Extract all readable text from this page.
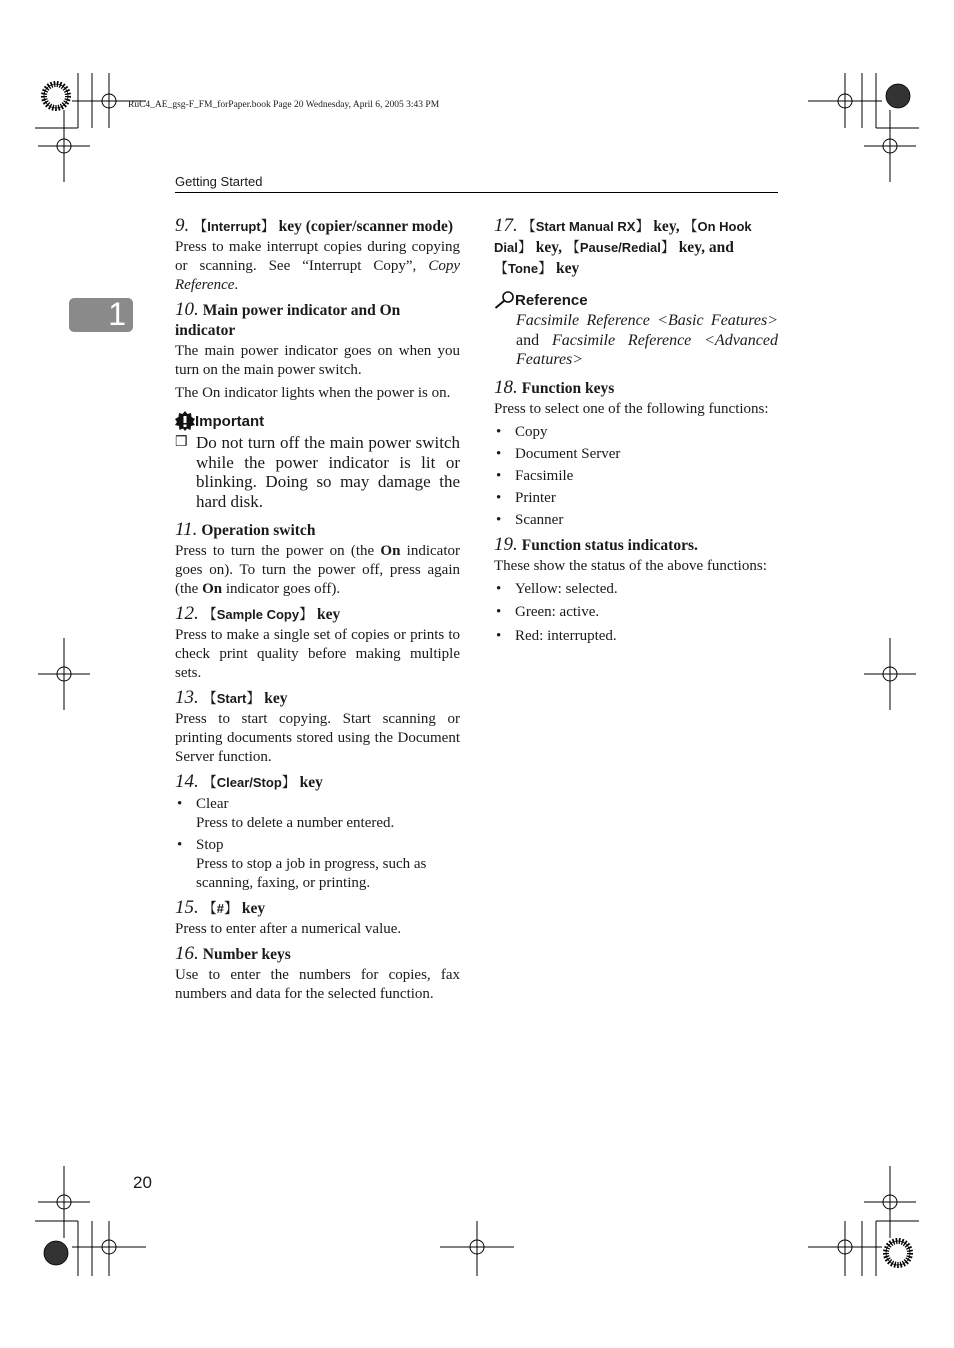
RuC4_AE_gsg-F_FM_forPaper.book Page 20 Wednesday, April 6, 2005 3:43 PM
Getting Started
1
9. 【Interrupt】 key (copier/scanner mode)

Press to make interrupt copies during copying or scanning. See “Interrupt Copy”, Copy Reference.

10. Main power indicator and On indicator

The main power indicator goes on when you turn on the main power switch.

The On indicator lights when the power is on.

Important
❒ Do not turn off the main power switch while the power indicator is lit or blinking. Doing so may damage the hard disk.
11. Operation switch

Press to turn the power on (the On indicator goes on). To turn the power off, press again (the On indicator goes off).

12. 【Sample Copy】 key

Press to make a single set of copies or prints to check print quality before making multiple sets.

13. 【Start】 key

Press to start copying. Start scanning or printing documents stored using the Document Server function.

14. 【Clear/Stop】 key
• Clear
Press to delete a number entered.
• Stop
Press to stop a job in progress, such as scanning, faxing, or printing.
15. 【#】 key

Press to enter after a numerical value.

16. Number keys

Use to enter the numbers for copies, fax numbers and data for the selected function.

17. 【Start Manual RX】 key, 【On Hook Dial】 key, 【Pause/Redial】 key, and 【Tone】 key
Reference
Facsimile Reference <Basic Features> and Facsimile Reference <Advanced Features>
18. Function keys

Press to select one of the following functions:

• Copy
• Document Server
• Facsimile
• Printer
• Scanner
19. Function status indicators.

These show the status of the above functions:

• Yellow: selected.
• Green: active.
• Red: interrupted.
20
